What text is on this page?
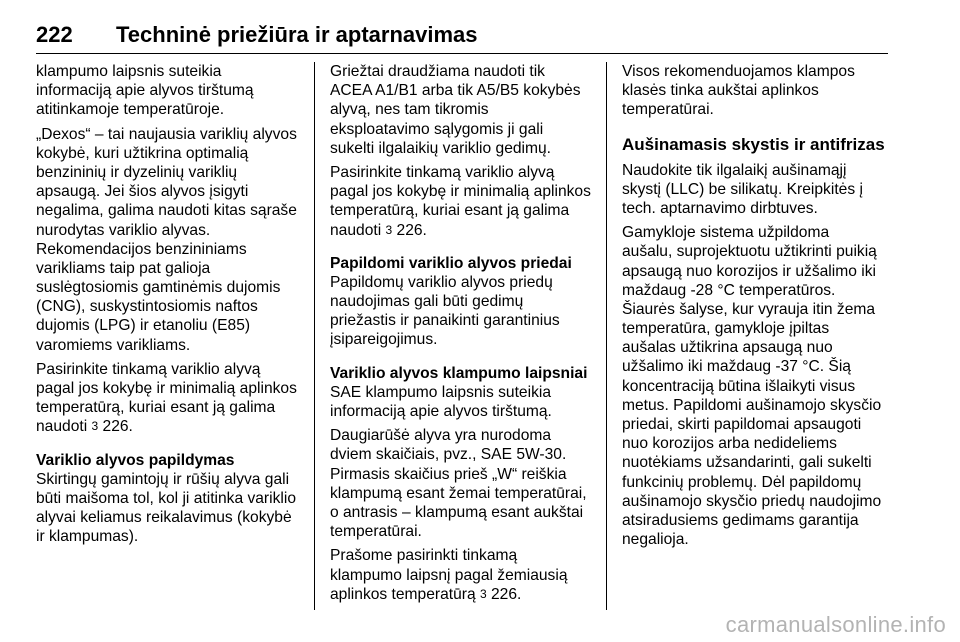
222 Techninė priežiūra ir aptarnavimas
klampumo laipsnis suteikia
informaciją apie alyvos tirštumą
atitinkamoje temperatūroje.
„Dexos“ – tai naujausia variklių alyvos
kokybė, kuri užtikrina optimalią
benzininių ir dyzelinių variklių
apsaugą. Jei šios alyvos įsigyti
negalima, galima naudoti kitas sąraše
nurodytas variklio alyvas.
Rekomendacijos benzininiams
varikliams taip pat galioja
suslėgtosiomis gamtinėmis dujomis
(CNG), suskystintosiomis naftos
dujomis (LPG) ir etanoliu (E85)
varomiems varikliams.
Pasirinkite tinkamą variklio alyvą
pagal jos kokybę ir minimalią aplinkos
temperatūrą, kuriai esant ją galima
naudoti 3 226.
Variklio alyvos papildymas
Skirtingų gamintojų ir rūšių alyva gali
būti maišoma tol, kol ji atitinka variklio
alyvai keliamus reikalavimus (kokybė
ir klampumas).
Griežtai draudžiama naudoti tik
ACEA A1/B1 arba tik A5/B5 kokybės
alyvą, nes tam tikromis
eksploatavimo sąlygomis ji gali
sukelti ilgalaikių variklio gedimų.
Pasirinkite tinkamą variklio alyvą
pagal jos kokybę ir minimalią aplinkos
temperatūrą, kuriai esant ją galima
naudoti 3 226.
Papildomi variklio alyvos priedai
Papildomų variklio alyvos priedų
naudojimas gali būti gedimų
priežastis ir panaikinti garantinius
įsipareigojimus.
Variklio alyvos klampumo laipsniai
SAE klampumo laipsnis suteikia
informaciją apie alyvos tirštumą.
Daugiarūšė alyva yra nurodoma
dviem skaičiais, pvz., SAE 5W-30.
Pirmasis skaičius prieš „W“ reiškia
klampumą esant žemai temperatūrai,
o antrasis – klampumą esant aukštai
temperatūrai.
Prašome pasirinkti tinkamą
klampumo laipsnį pagal žemiausią
aplinkos temperatūrą 3 226.
Visos rekomenduojamos klampos
klasės tinka aukštai aplinkos
temperatūrai.
Aušinamasis skystis ir antifrizas
Naudokite tik ilgalaikį aušinamąjį
skystį (LLC) be silikatų. Kreipkitės į
tech. aptarnavimo dirbtuves.
Gamykloje sistema užpildoma
aušalu, suprojektuotu užtikrinti puikią
apsaugą nuo korozijos ir užšalimo iki
maždaug -28 °C temperatūros.
Šiaurės šalyse, kur vyrauja itin žema
temperatūra, gamykloje įpiltas
aušalas užtikrina apsaugą nuo
užšalimo iki maždaug -37 °C. Šią
koncentraciją būtina išlaikyti visus
metus. Papildomi aušinamojo skysčio
priedai, skirti papildomai apsaugoti
nuo korozijos arba nedideliems
nuotėkiams užsandarinti, gali sukelti
funkcinių problemų. Dėl papildomų
aušinamojo skysčio priedų naudojimo
atsiradusiems gedimams garantija
negalioja.
carmanualsonline.info
